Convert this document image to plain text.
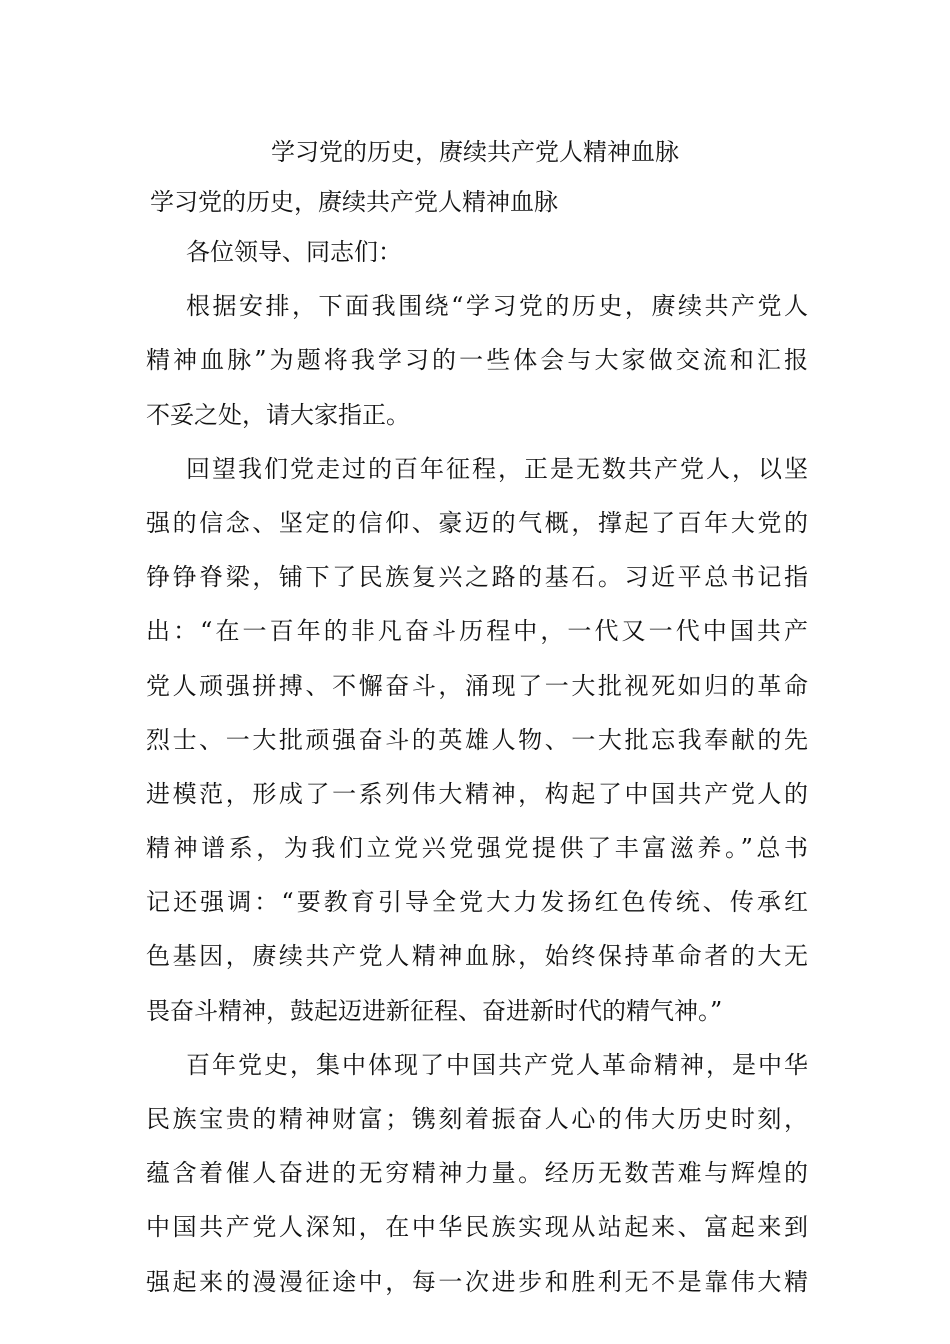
学习党的历史，赓续共产党人精神血脉
学习党的历史，赓续共产党人精神血脉

各位领导、同志们：

根据安排，下面我围绕“学习党的历史，赓续共产党人
精神血脉”为题将我学习的一些体会与大家做交流和汇报
不妥之处，请大家指正。

回望我们党走过的百年征程，正是无数共产党人，以坚
强的信念、坚定的信仰、豪迈的气概，撑起了百年大党的
铮铮脊梁，铺下了民族复兴之路的基石。习近平总书记指
出：“在一百年的非凡奋斗历程中，一代又一代中国共产
党人顽强拼搏、不懈奋斗，涌现了一大批视死如归的革命
烈士、一大批顽强奋斗的英雄人物、一大批忘我奉献的先
进模范，形成了一系列伟大精神，构起了中国共产党人的
精神谱系，为我们立党兴党强党提供了丰富滋养。”总书
记还强调：“要教育引导全党大力发扬红色传统、传承红
色基因，赓续共产党人精神血脉，始终保持革命者的大无
畏奋斗精神，鼓起迈进新征程、奋进新时代的精气神。”

百年党史，集中体现了中国共产党人革命精神，是中华
民族宝贵的精神财富；镌刻着振奋人心的伟大历史时刻，
蕴含着催人奋进的无穷精神力量。经历无数苦难与辉煌的
中国共产党人深知，在中华民族实现从站起来、富起来到
强起来的漫漫征途中，每一次进步和胜利无不是靠伟大精
